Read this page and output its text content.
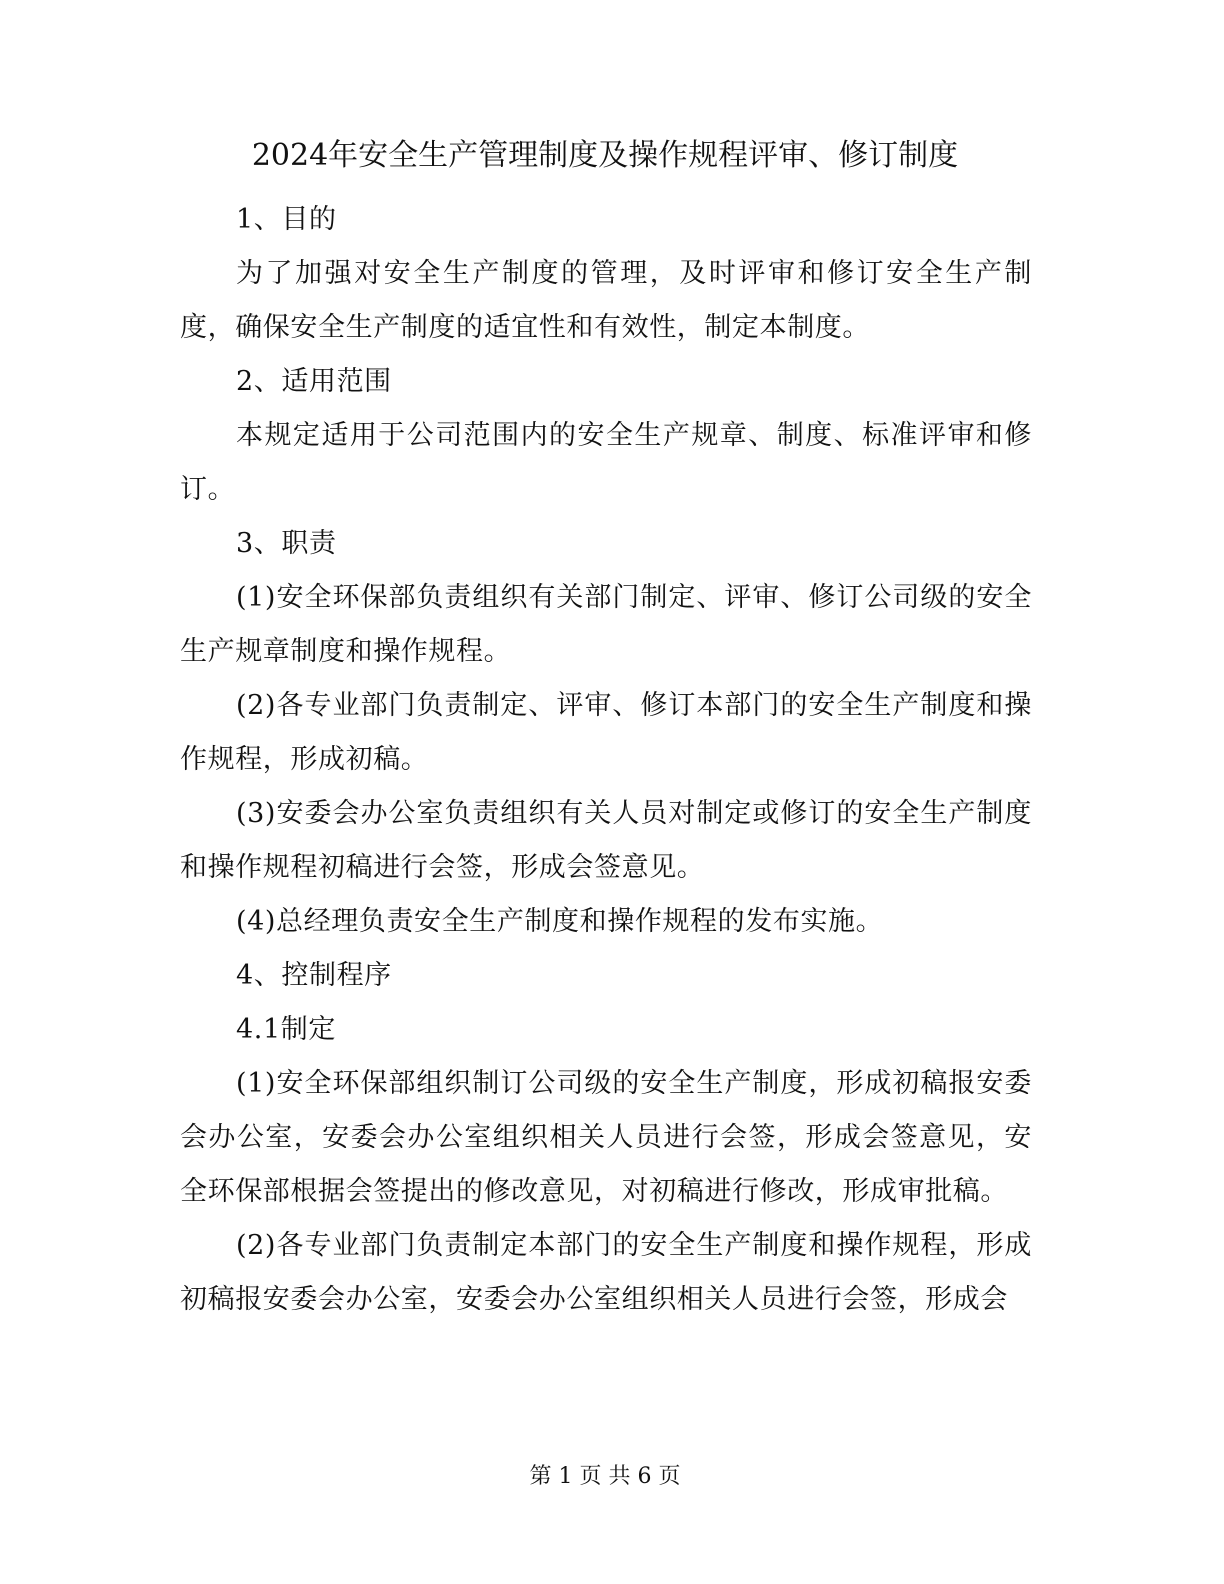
2024年安全生产管理制度及操作规程评审、修订制度

1、目的

为了加强对安全生产制度的管理，及时评审和修订安全生产制度，确保安全生产制度的适宜性和有效性，制定本制度。

2、适用范围

本规定适用于公司范围内的安全生产规章、制度、标准评审和修订。

3、职责

(1)安全环保部负责组织有关部门制定、评审、修订公司级的安全生产规章制度和操作规程。

(2)各专业部门负责制定、评审、修订本部门的安全生产制度和操作规程，形成初稿。

(3)安委会办公室负责组织有关人员对制定或修订的安全生产制度和操作规程初稿进行会签，形成会签意见。

(4)总经理负责安全生产制度和操作规程的发布实施。

4、控制程序

4.1制定

(1)安全环保部组织制订公司级的安全生产制度，形成初稿报安委会办公室，安委会办公室组织相关人员进行会签，形成会签意见，安全环保部根据会签提出的修改意见，对初稿进行修改，形成审批稿。

(2)各专业部门负责制定本部门的安全生产制度和操作规程，形成初稿报安委会办公室，安委会办公室组织相关人员进行会签，形成会

第 1 页 共 6 页
